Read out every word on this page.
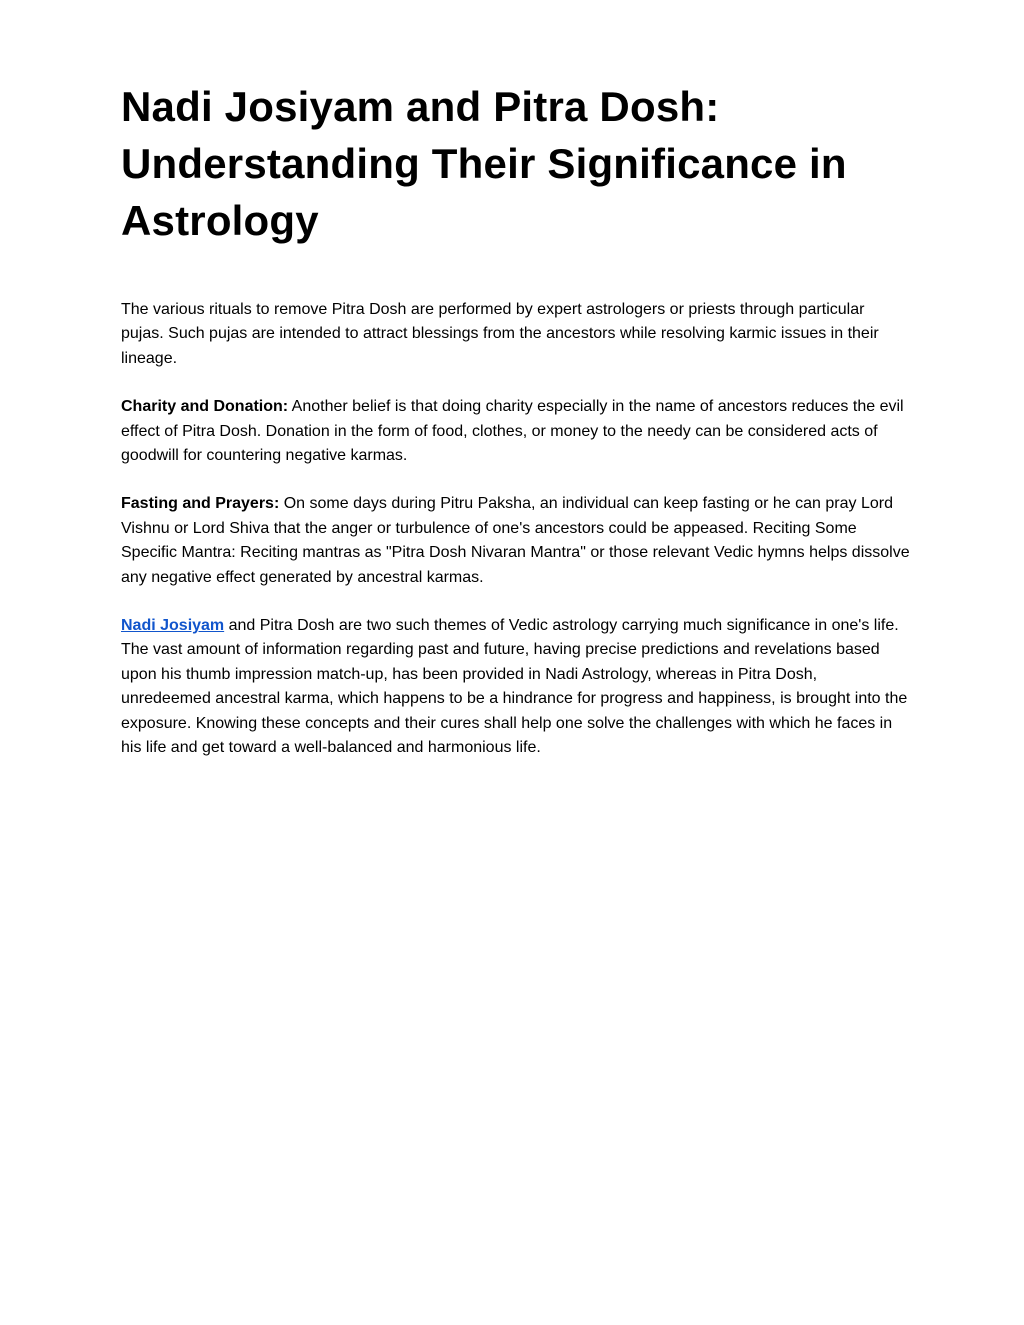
Nadi Josiyam and Pitra Dosh: Understanding Their Significance in Astrology

The various rituals to remove Pitra Dosh are performed by expert astrologers or priests through particular pujas. Such pujas are intended to attract blessings from the ancestors while resolving karmic issues in their lineage.

Charity and Donation: Another belief is that doing charity especially in the name of ancestors reduces the evil effect of Pitra Dosh. Donation in the form of food, clothes, or money to the needy can be considered acts of goodwill for countering negative karmas.

Fasting and Prayers: On some days during Pitru Paksha, an individual can keep fasting or he can pray Lord Vishnu or Lord Shiva that the anger or turbulence of one's ancestors could be appeased. Reciting Some Specific Mantra: Reciting mantras as "Pitra Dosh Nivaran Mantra" or those relevant Vedic hymns helps dissolve any negative effect generated by ancestral karmas.

Nadi Josiyam and Pitra Dosh are two such themes of Vedic astrology carrying much significance in one's life. The vast amount of information regarding past and future, having precise predictions and revelations based upon his thumb impression match-up, has been provided in Nadi Astrology, whereas in Pitra Dosh, unredeemed ancestral karma, which happens to be a hindrance for progress and happiness, is brought into the exposure. Knowing these concepts and their cures shall help one solve the challenges with which he faces in his life and get toward a well-balanced and harmonious life.
